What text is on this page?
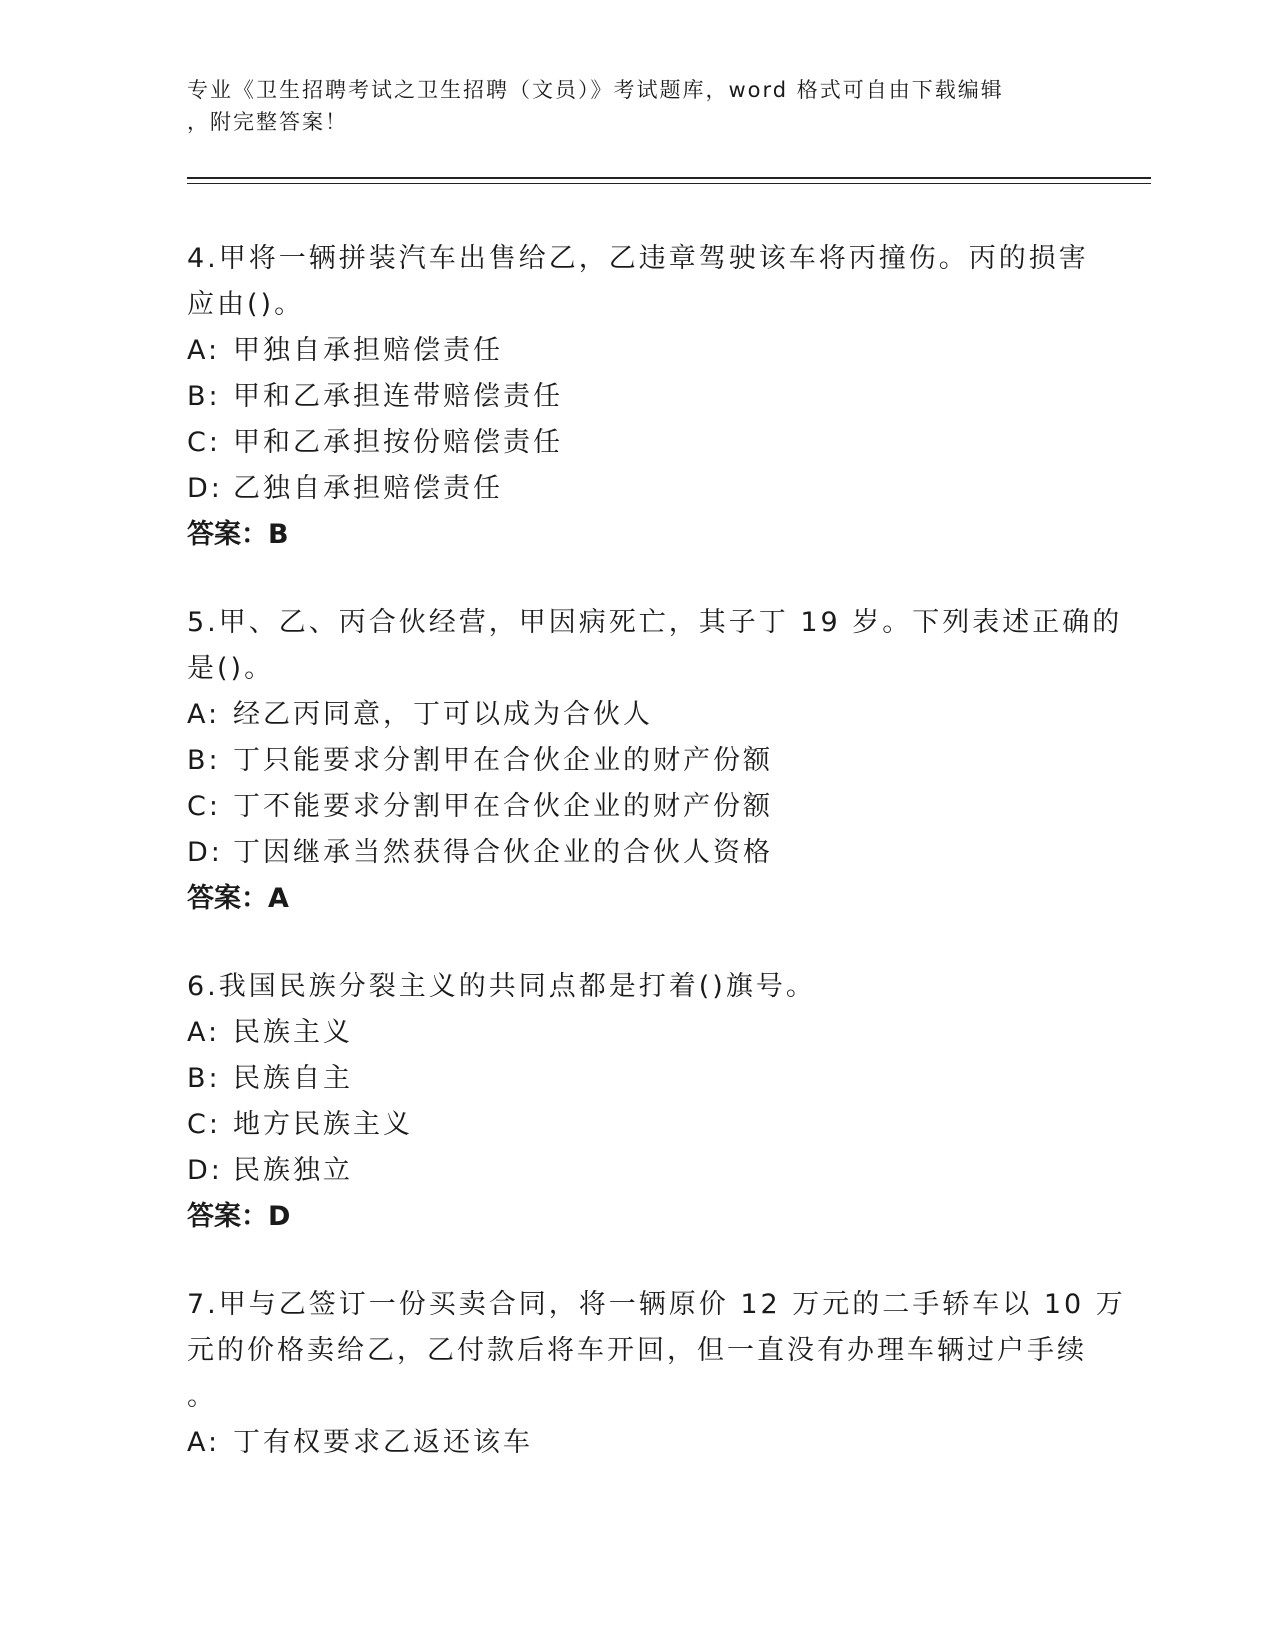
专业《卫生招聘考试之卫生招聘（文员）》考试题库，word 格式可自由下载编辑
，附完整答案！
4.甲将一辆拼装汽车出售给乙，乙违章驾驶该车将丙撞伤。丙的损害
应由()。
A: 甲独自承担赔偿责任
B: 甲和乙承担连带赔偿责任
C: 甲和乙承担按份赔偿责任
D: 乙独自承担赔偿责任
答案：B
5.甲、乙、丙合伙经营，甲因病死亡，其子丁 19 岁。下列表述正确的
是()。
A: 经乙丙同意，丁可以成为合伙人
B: 丁只能要求分割甲在合伙企业的财产份额
C: 丁不能要求分割甲在合伙企业的财产份额
D: 丁因继承当然获得合伙企业的合伙人资格
答案：A
6.我国民族分裂主义的共同点都是打着()旗号。
A: 民族主义
B: 民族自主
C: 地方民族主义
D: 民族独立
答案：D
7.甲与乙签订一份买卖合同，将一辆原价 12 万元的二手轿车以 10 万
元的价格卖给乙，乙付款后将车开回，但一直没有办理车辆过户手续
。
A: 丁有权要求乙返还该车
